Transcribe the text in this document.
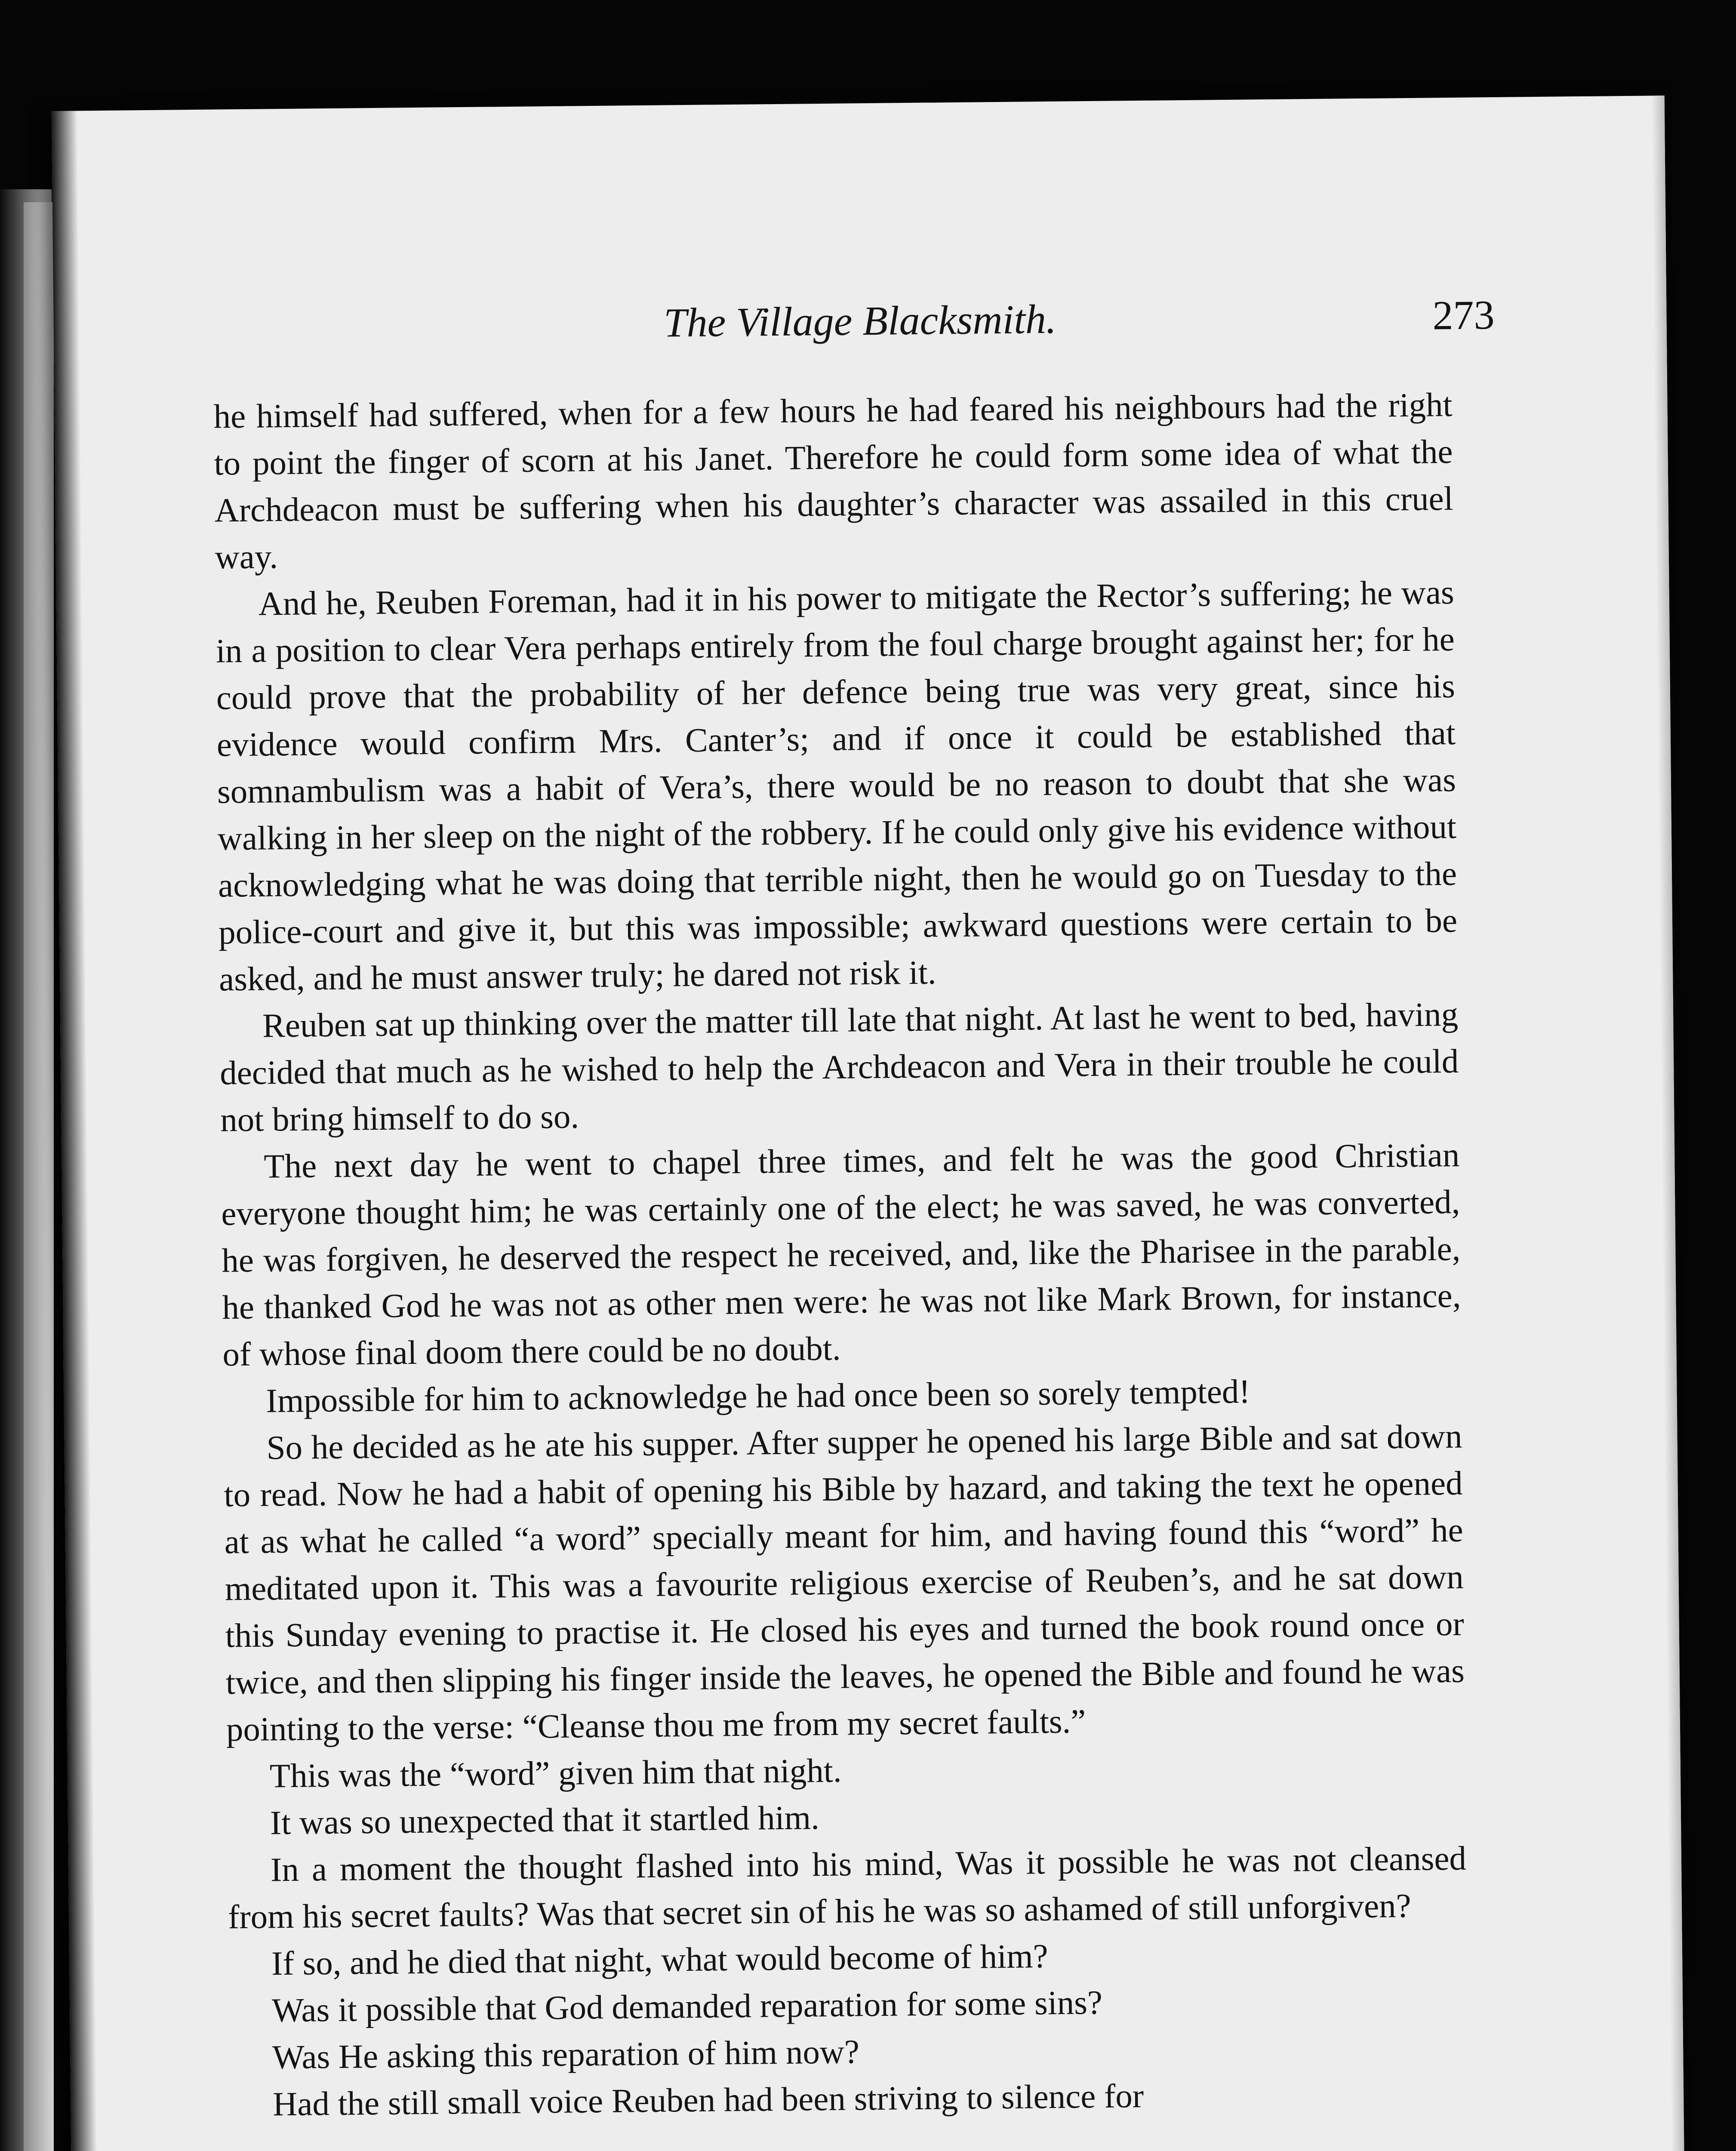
The Village Blacksmith.	273

he himself had suffered, when for a few hours he had feared his neighbours had the right to point the finger of scorn at his Janet. Therefore he could form some idea of what the Archdeacon must be suffering when his daughter’s character was assailed in this cruel way.

And he, Reuben Foreman, had it in his power to mitigate the Rector’s suffering; he was in a position to clear Vera perhaps entirely from the foul charge brought against her; for he could prove that the probability of her defence being true was very great, since his evidence would confirm Mrs. Canter’s; and if once it could be established that somnambulism was a habit of Vera’s, there would be no reason to doubt that she was walking in her sleep on the night of the robbery. If he could only give his evidence without acknowledging what he was doing that terrible night, then he would go on Tuesday to the police-court and give it, but this was impossible; awkward questions were certain to be asked, and he must answer truly; he dared not risk it.

Reuben sat up thinking over the matter till late that night. At last he went to bed, having decided that much as he wished to help the Archdeacon and Vera in their trouble he could not bring himself to do so.

The next day he went to chapel three times, and felt he was the good Christian everyone thought him; he was certainly one of the elect; he was saved, he was converted, he was forgiven, he deserved the respect he received, and, like the Pharisee in the parable, he thanked God he was not as other men were: he was not like Mark Brown, for instance, of whose final doom there could be no doubt.

Impossible for him to acknowledge he had once been so sorely tempted!

So he decided as he ate his supper. After supper he opened his large Bible and sat down to read. Now he had a habit of opening his Bible by hazard, and taking the text he opened at as what he called “a word” specially meant for him, and having found this “word” he meditated upon it. This was a favourite religious exercise of Reuben’s, and he sat down this Sunday evening to practise it. He closed his eyes and turned the book round once or twice, and then slipping his finger inside the leaves, he opened the Bible and found he was pointing to the verse: “Cleanse thou me from my secret faults.”

This was the “word” given him that night.

It was so unexpected that it startled him.

In a moment the thought flashed into his mind, Was it possible he was not cleansed from his secret faults? Was that secret sin of his he was so ashamed of still unforgiven?

If so, and he died that night, what would become of him?

Was it possible that God demanded reparation for some sins?

Was He asking this reparation of him now?

Had the still small voice Reuben had been striving to silence for
